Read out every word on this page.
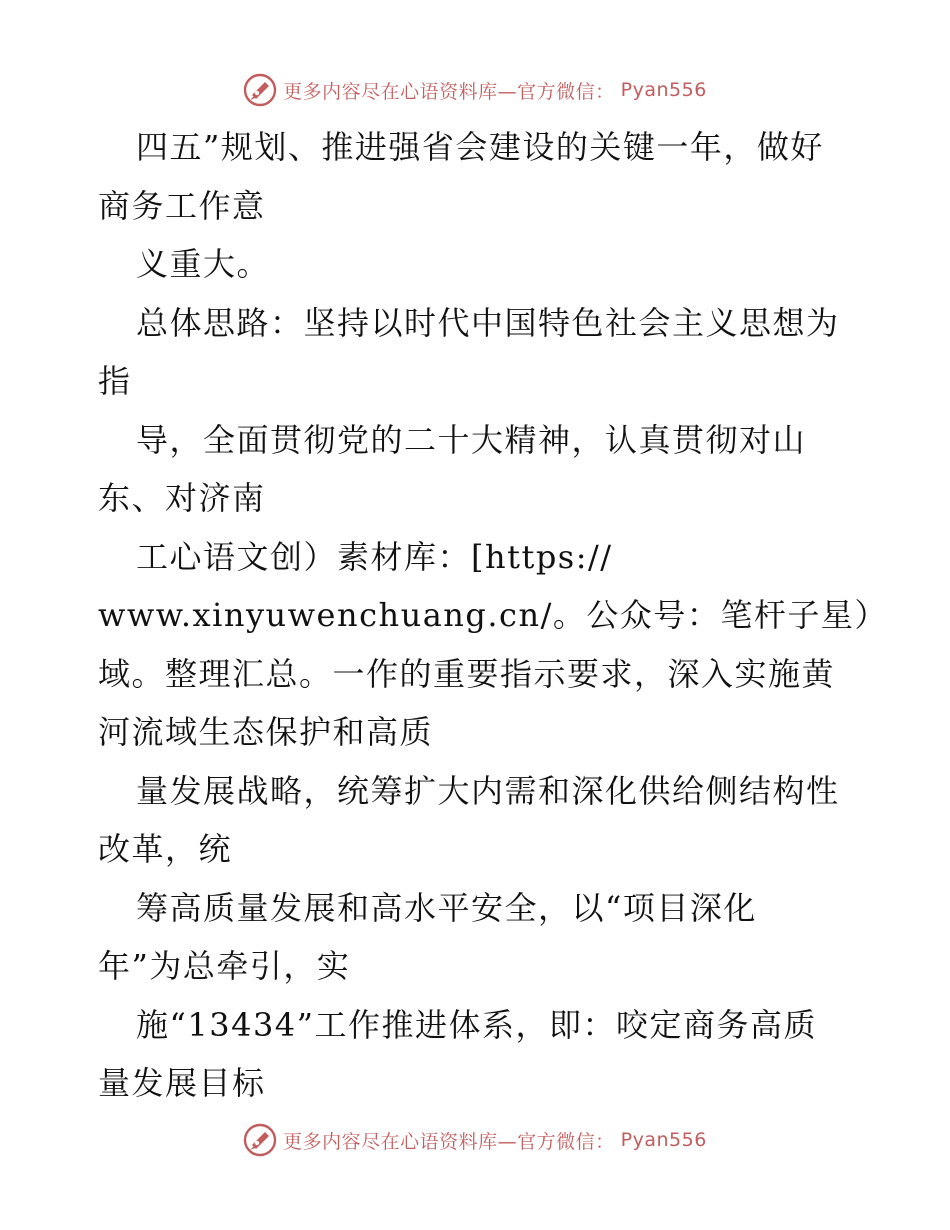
更多内容尽在心语资料库—官方微信： Pyan556
四五”规划、推进强省会建设的关键一年，做好
商务工作意
义重大。
总体思路：坚持以时代中国特色社会主义思想为
指
导，全面贯彻党的二十大精神，认真贯彻对山
东、对济南
工心语文创）素材库：[https://
www.xinyuwenchuang.cn/。公众号：笔杆子星）
域。整理汇总。一作的重要指示要求，深入实施黄
河流域生态保护和高质
量发展战略，统筹扩大内需和深化供给侧结构性
改革，统
筹高质量发展和高水平安全，以“项目深化
年”为总牵引，实
施“13434”工作推进体系，即：咬定商务高质
量发展目标
更多内容尽在心语资料库—官方微信： Pyan556
